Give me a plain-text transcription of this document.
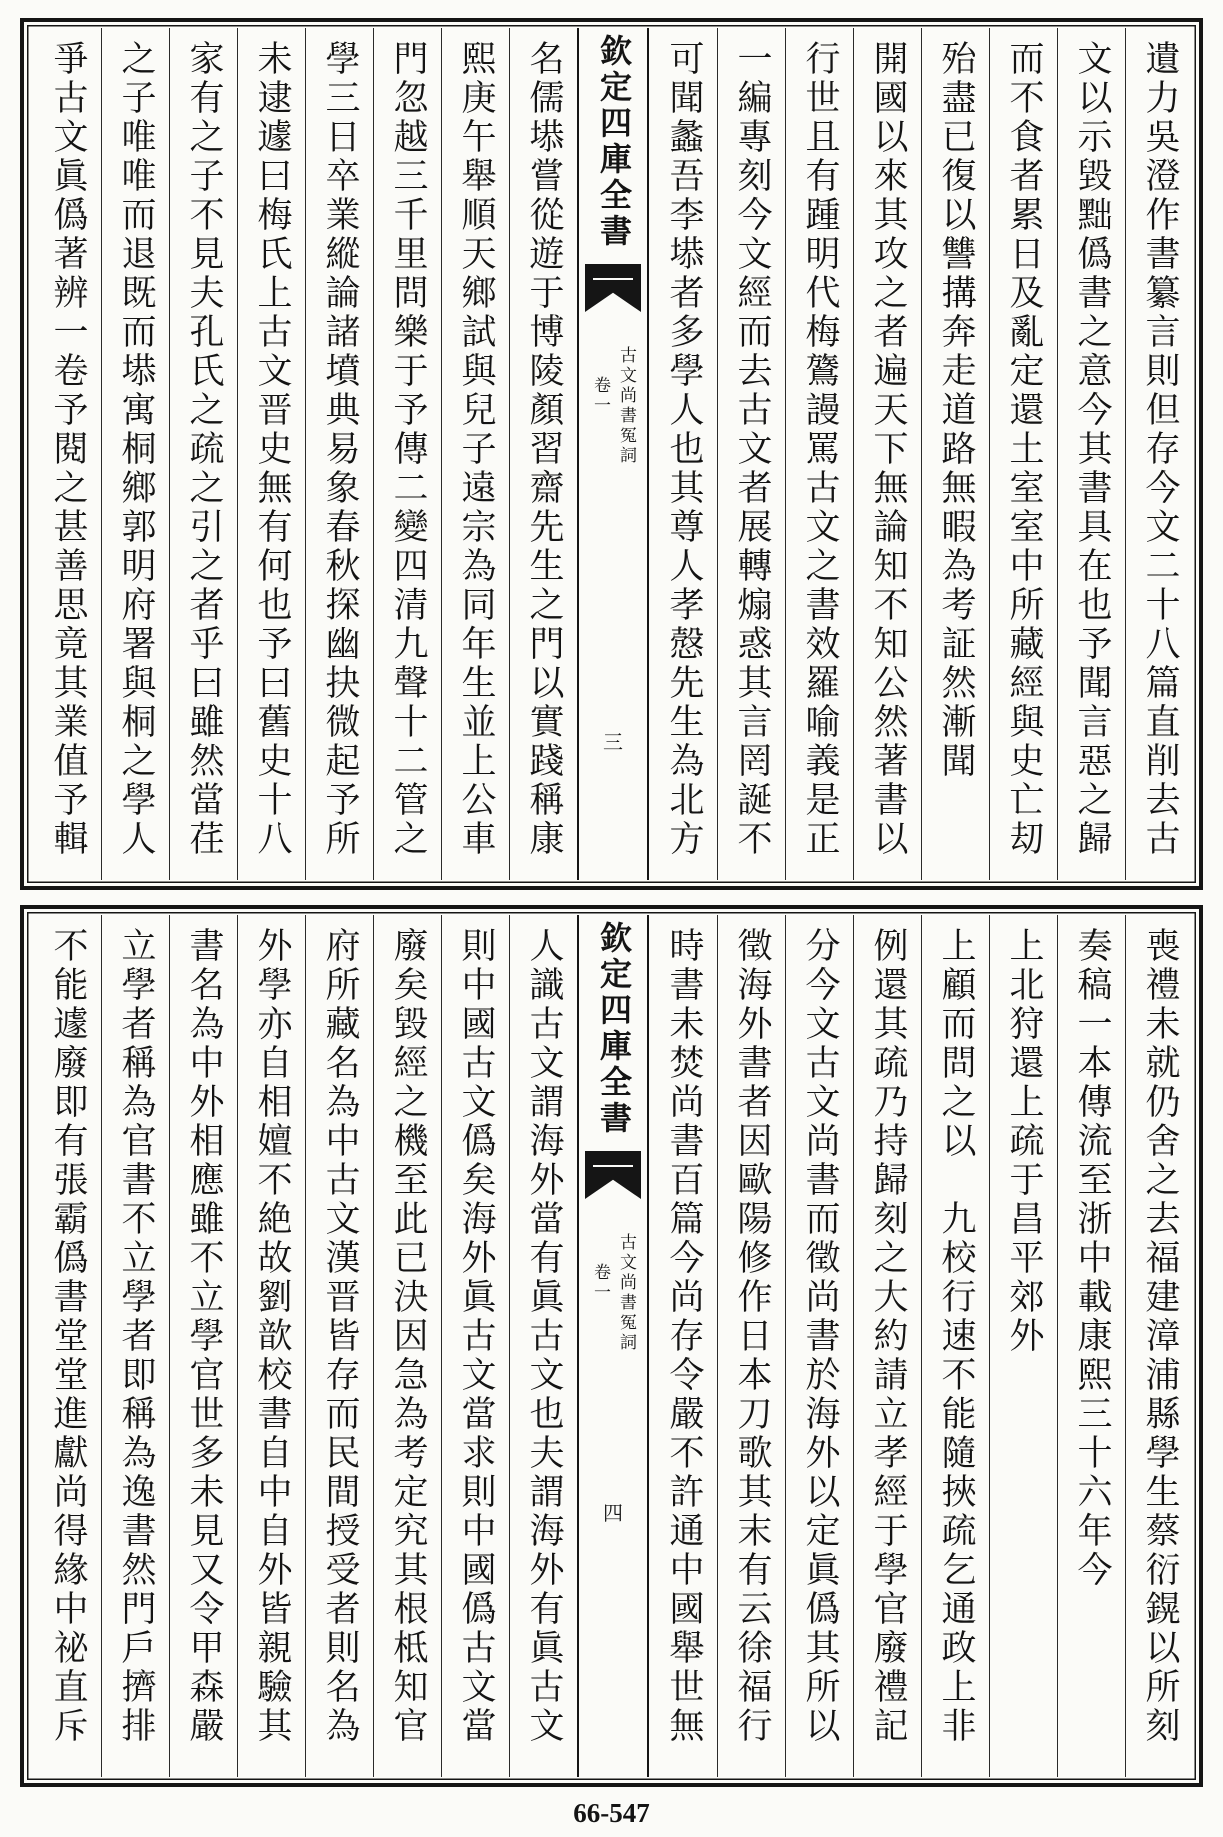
遺力吳澄作書纂言則但存今文二十八篇直削去古
文以示毀黜僞書之意今其書具在也予聞言惡之歸
而不食者累日及亂定還土室室中所藏經與史亡刧
殆盡已復以讐搆奔走道路無暇為考証然漸聞
開國以來其攻之者遍天下無論知不知公然著書以
行世且有踵明代梅鷟謾罵古文之書效羅喻義是正
一編專刻今文經而去古文者展轉煽惑其言罔誕不
可聞蠡吾李塨者多學人也其尊人孝慤先生為北方
欽定四庫全書
古文尚書冤詞
卷一
三
名儒塨嘗從遊于博陵顏習齋先生之門以實踐稱康
熙庚午舉順天鄉試與兒子遠宗為同年生並上公車
門忽越三千里問樂于予傳二變四清九聲十二管之
學三日卒業縱論諸墳典易象春秋探幽抉微起予所
未逮遽曰梅氏上古文晋史無有何也予曰舊史十八
家有之子不見夫孔氏之疏之引之者乎曰雖然當荏
之子唯唯而退既而塨寓桐鄉郭明府署與桐之學人
爭古文眞僞著辨一卷予閱之甚善思竟其業值予輯
喪禮未就仍舍之去福建漳浦縣學生蔡衍鎤以所刻
奏稿一本傳流至浙中載康熙三十六年今
上北狩還上疏于昌平郊外
上顧而問之以　九校行速不能隨挾疏乞通政上非
例還其疏乃持歸刻之大約請立孝經于學官廢禮記
分今文古文尚書而徵尚書於海外以定眞僞其所以
徵海外書者因歐陽修作日本刀歌其末有云徐福行
時書未焚尚書百篇今尚存令嚴不許通中國舉世無
欽定四庫全書
古文尚書冤詞
卷一
四
人識古文謂海外當有眞古文也夫謂海外有眞古文
則中國古文僞矣海外眞古文當求則中國僞古文當
廢矣毀經之機至此已決因急為考定究其根柢知官
府所藏名為中古文漢晋皆存而民間授受者則名為
外學亦自相嬗不絶故劉歆校書自中自外皆親驗其
書名為中外相應雖不立學官世多未見又令甲森嚴
立學者稱為官書不立學者即稱為逸書然門戶擠排
不能遽廢即有張霸僞書堂堂進獻尚得緣中祕直斥
66-547
